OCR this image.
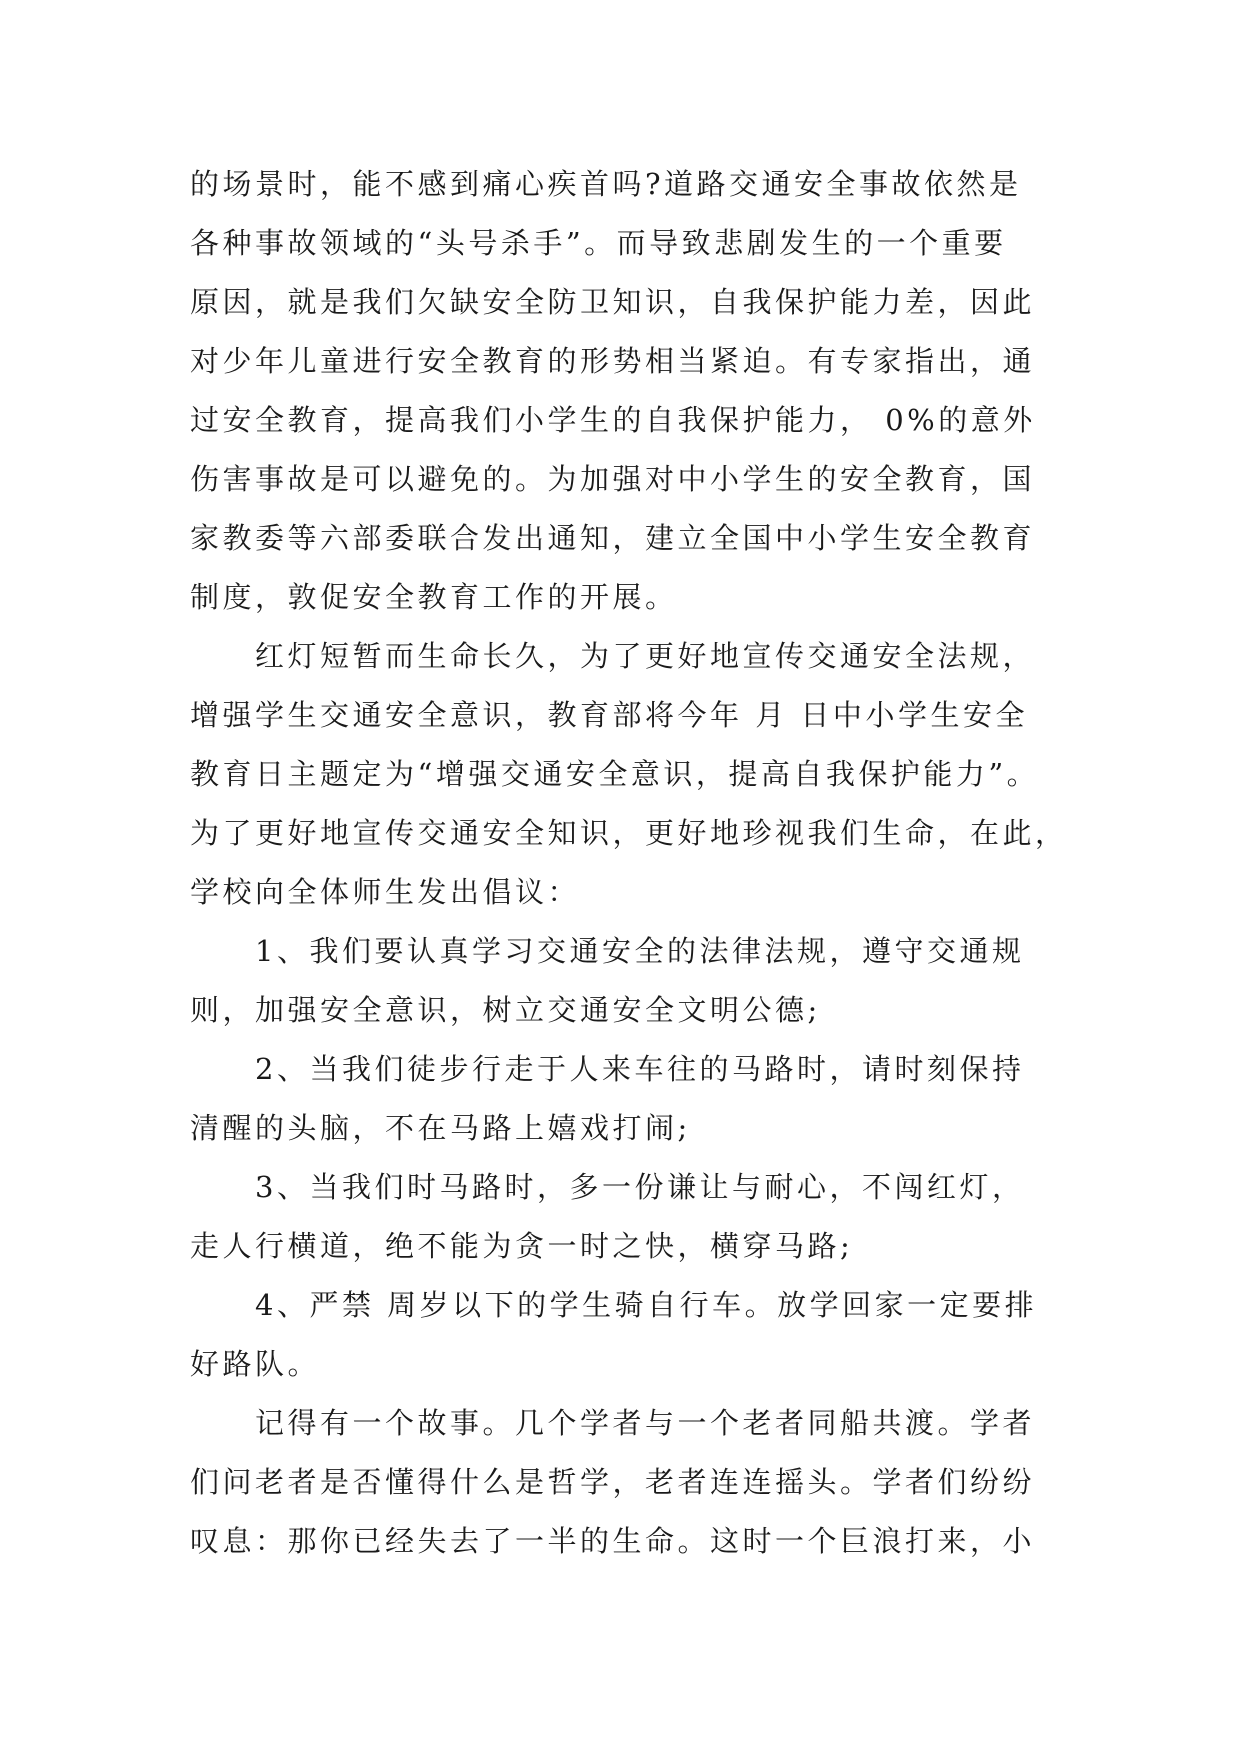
的场景时，能不感到痛心疾首吗?道路交通安全事故依然是
各种事故领域的“头号杀手”。而导致悲剧发生的一个重要
原因，就是我们欠缺安全防卫知识，自我保护能力差，因此
对少年儿童进行安全教育的形势相当紧迫。有专家指出，通
过安全教育，提高我们小学生的自我保护能力， 0%的意外
伤害事故是可以避免的。为加强对中小学生的安全教育，国
家教委等六部委联合发出通知，建立全国中小学生安全教育
制度，敦促安全教育工作的开展。
红灯短暂而生命长久，为了更好地宣传交通安全法规，
增强学生交通安全意识，教育部将今年 月 日中小学生安全
教育日主题定为“增强交通安全意识，提高自我保护能力”。
为了更好地宣传交通安全知识，更好地珍视我们生命，在此，
学校向全体师生发出倡议：
1、我们要认真学习交通安全的法律法规，遵守交通规
则，加强安全意识，树立交通安全文明公德;
2、当我们徒步行走于人来车往的马路时，请时刻保持
清醒的头脑，不在马路上嬉戏打闹;
3、当我们时马路时，多一份谦让与耐心，不闯红灯，
走人行横道，绝不能为贪一时之快，横穿马路;
4、严禁 周岁以下的学生骑自行车。放学回家一定要排
好路队。
记得有一个故事。几个学者与一个老者同船共渡。学者
们问老者是否懂得什么是哲学，老者连连摇头。学者们纷纷
叹息：那你已经失去了一半的生命。这时一个巨浪打来，小
